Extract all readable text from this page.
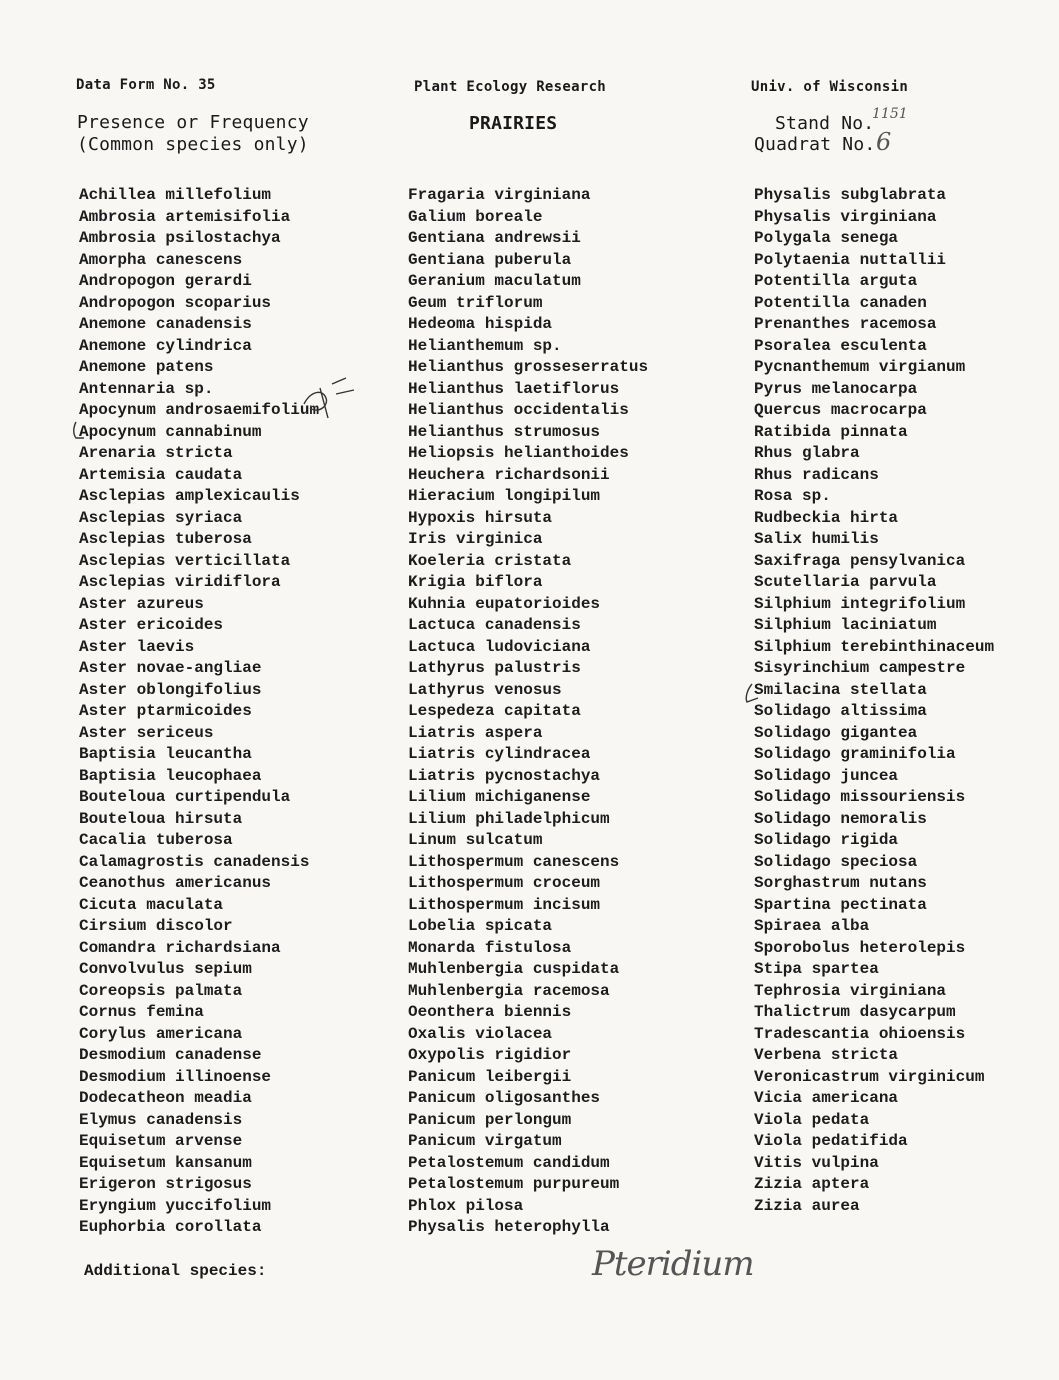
Data Form No. 35	Plant Ecology Research	Univ. of Wisconsin
Presence or Frequency
(Common species only)
PRAIRIES	Stand No.
1151
Quadrat No. 6
Achillea millefolium
Ambrosia artemisifolia
Ambrosia psilostachya
Amorpha canescens
Andropogon gerardi
Andropogon scoparius
Anemone canadensis
Anemone cylindrica
Anemone patens
Antennaria sp.
Apocynum androsaemifolium
Apocynum cannabinum
Arenaria stricta
Artemisia caudata
Asclepias amplexicaulis
Asclepias syriaca
Asclepias tuberosa
Asclepias verticillata
Asclepias viridiflora
Aster azureus
Aster ericoides
Aster laevis
Aster novae-angliae
Aster oblongifolius
Aster ptarmicoides
Aster sericeus
Baptisia leucantha
Baptisia leucophaea
Bouteloua curtipendula
Bouteloua hirsuta
Cacalia tuberosa
Calamagrostis canadensis
Ceanothus americanus
Cicuta maculata
Cirsium discolor
Comandra richardsiana
Convolvulus sepium
Coreopsis palmata
Cornus femina
Corylus americana
Desmodium canadense
Desmodium illinoense
Dodecatheon meadia
Elymus canadensis
Equisetum arvense
Equisetum kansanum
Erigeron strigosus
Eryngium yuccifolium
Euphorbia corollata
Fragaria virginiana
Galium boreale
Gentiana andrewsii
Gentiana puberula
Geranium maculatum
Geum triflorum
Hedeoma hispida
Helianthemum sp.
Helianthus grosseserratus
Helianthus laetiflorus
Helianthus occidentalis
Helianthus strumosus
Heliopsis helianthoides
Heuchera richardsonii
Hieracium longipilum
Hypoxis hirsuta
Iris virginica
Koeleria cristata
Krigia biflora
Kuhnia eupatorioides
Lactuca canadensis
Lactuca ludoviciana
Lathyrus palustris
Lathyrus venosus
Lespedeza capitata
Liatris aspera
Liatris cylindracea
Liatris pycnostachya
Lilium michiganense
Lilium philadelphicum
Linum sulcatum
Lithospermum canescens
Lithospermum croceum
Lithospermum incisum
Lobelia spicata
Monarda fistulosa
Muhlenbergia cuspidata
Muhlenbergia racemosa
Oeonthera biennis
Oxalis violacea
Oxypolis rigidior
Panicum leibergii
Panicum oligosanthes
Panicum perlongum
Panicum virgatum
Petalostemum candidum
Petalostemum purpureum
Phlox pilosa
Physalis heterophylla
Physalis subglabrata
Physalis virginiana
Polygala senega
Polytaenia nuttallii
Potentilla arguta
Potentilla canaden
Prenanthes racemosa
Psoralea esculenta
Pycnanthemum virgianum
Pyrus melanocarpa
Quercus macrocarpa
Ratibida pinnata
Rhus glabra
Rhus radicans
Rosa sp.
Rudbeckia hirta
Salix humilis
Saxifraga pensylvanica
Scutellaria parvula
Silphium integrifolium
Silphium laciniatum
Silphium terebinthinaceum
Sisyrinchium campestre
Smilacina stellata
Solidago altissima
Solidago gigantea
Solidago graminifolia
Solidago juncea
Solidago missouriensis
Solidago nemoralis
Solidago rigida
Solidago speciosa
Sorghastrum nutans
Spartina pectinata
Spiraea alba
Sporobolus heterolepis
Stipa spartea
Tephrosia virginiana
Thalictrum dasycarpum
Tradescantia ohioensis
Verbena stricta
Veronicastrum virginicum
Vicia americana
Viola pedata
Viola pedatifida
Vitis vulpina
Zizia aptera
Zizia aurea
Additional species:	Pteridium
